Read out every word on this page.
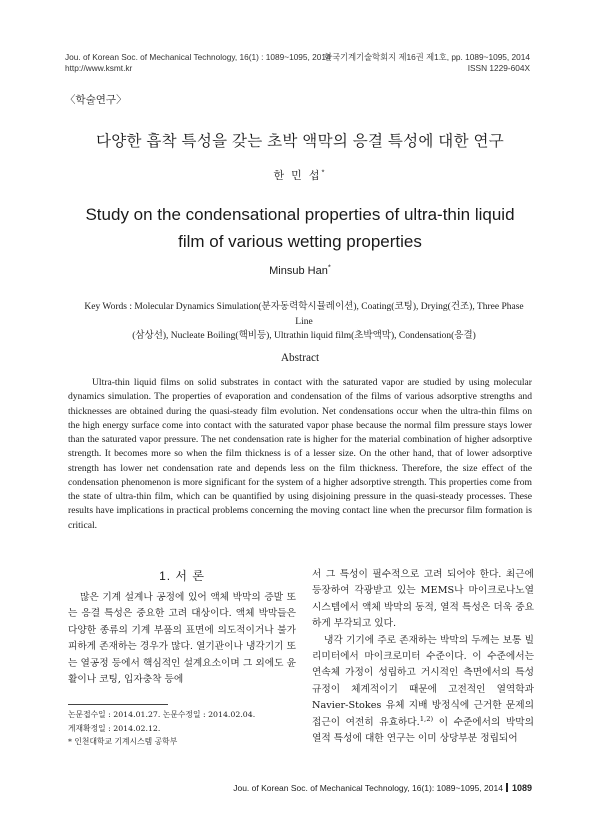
Jou. of Korean Soc. of Mechanical Technology, 16(1) : 1089~1095, 2014
http://www.ksmt.kr
한국기계기술학회지 제16권 제1호, pp. 1089~1095, 2014
ISSN 1229-604X
〈학술연구〉
다양한 흡착 특성을 갖는 초박 액막의 응결 특성에 대한 연구
한 민 섭*
Study on the condensational properties of ultra-thin liquid
film of various wetting properties
Minsub Han*
Key Words : Molecular Dynamics Simulation(분자동력학시뮬레이션), Coating(코팅), Drying(건조), Three Phase Line
(삼상선), Nucleate Boiling(핵비등), Ultrathin liquid film(초박액막), Condensation(응결)
Abstract

Ultra-thin liquid films on solid substrates in contact with the saturated vapor are studied by using molecular dynamics simulation. The properties of evaporation and condensation of the films of various adsorptive strengths and thicknesses are obtained during the quasi-steady film evolution. Net condensations occur when the ultra-thin films on the high energy surface come into contact with the saturated vapor phase because the normal film pressure stays lower than the saturated vapor pressure. The net condensation rate is higher for the material combination of higher adsorptive strength. It becomes more so when the film thickness is of a lesser size. On the other hand, that of lower adsorptive strength has lower net condensation rate and depends less on the film thickness. Therefore, the size effect of the condensation phenomenon is more significant for the system of a higher adsorptive strength. This properties come from the state of ultra-thin film, which can be quantified by using disjoining pressure in the quasi-steady processes. These results have implications in practical problems concerning the moving contact line when the precursor film formation is critical.

1. 서 론

많은 기계 설계나 공정에 있어 액체 박막의 증발 또는 응결 특성은 중요한 고려 대상이다. 액체 박막들은 다양한 종류의 기계 부품의 표면에 의도적이거나 불가피하게 존재하는 경우가 많다. 열기관이나 냉각기기 또는 열공정 등에서 핵심적인 설계요소이며 그 외에도 윤활이나 코팅, 입자충착 등에

서 그 특성이 필수적으로 고려 되어야 한다. 최근에 등장하여 각광받고 있는 MEMS나 마이크로나노열시스템에서 액체 박막의 동적, 열적 특성은 더욱 중요하게 부각되고 있다.

냉각 기기에 주로 존재하는 박막의 두께는 보통 빌리미터에서 마이크로미터 수준이다. 이 수준에서는 연속체 가정이 성립하고 거시적인 측면에서의 특성 규정이 체계적이기 때문에 고전적인 열역학과 Navier-Stokes 유체 지배 방정식에 근거한 문제의 접근이 여전히 유효하다.$^{1,2)}$ 이 수준에서의 박막의 열적 특성에 대한 연구는 이미 상당부분 정립되어

논문접수일 : 2014.01.27. 논문수정일 : 2014.02.04.
게재확정일 : 2014.02.12.
* 인천대학교 기계시스템 공학부
Jou. of Korean Soc. of Mechanical Technology, 16(1): 1089~1095, 2014 1089
